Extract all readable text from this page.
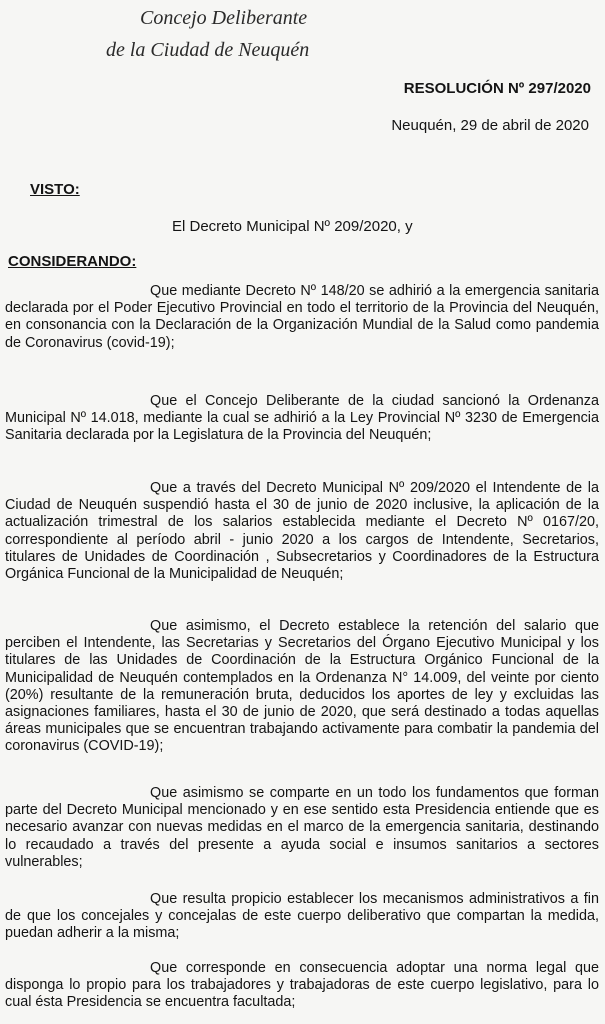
Concejo Deliberante
de la Ciudad de Neuquén
RESOLUCIÓN Nº 297/2020
Neuquén, 29 de abril de 2020
VISTO:
El Decreto Municipal Nº 209/2020, y
CONSIDERANDO:

Que mediante Decreto Nº 148/20 se adhirió a la emergencia sanitaria declarada por el Poder Ejecutivo Provincial en todo el territorio de la Provincia del Neuquén, en consonancia con la Declaración de la Organización Mundial de la Salud como pandemia de Coronavirus (covid-19);

Que el Concejo Deliberante de la ciudad sancionó la Ordenanza Municipal Nº 14.018, mediante la cual se adhirió a la Ley Provincial Nº 3230 de Emergencia Sanitaria declarada por la Legislatura de la Provincia del Neuquén;

Que a través del Decreto Municipal Nº 209/2020 el Intendente de la Ciudad de Neuquén suspendió hasta el 30 de junio de 2020 inclusive, la aplicación de la actualización trimestral de los salarios establecida mediante el Decreto Nº 0167/20, correspondiente al período abril - junio 2020 a los cargos de Intendente, Secretarios, titulares de Unidades de Coordinación , Subsecretarios y Coordinadores de la Estructura Orgánica Funcional de la Municipalidad de Neuquén;

Que asimismo, el Decreto establece la retención del salario que perciben el Intendente, las Secretarias y Secretarios del Órgano Ejecutivo Municipal y los titulares de las Unidades de Coordinación de la Estructura Orgánico Funcional de la Municipalidad de Neuquén contemplados en la Ordenanza N° 14.009, del veinte por ciento (20%) resultante de la remuneración bruta, deducidos los aportes de ley y excluidas las asignaciones familiares, hasta el 30 de junio de 2020, que será destinado a todas aquellas áreas municipales que se encuentran trabajando activamente para combatir la pandemia del coronavirus (COVID-19);

Que asimismo se comparte en un todo los fundamentos que forman parte del Decreto Municipal mencionado y en ese sentido esta Presidencia entiende que es necesario avanzar con nuevas medidas en el marco de la emergencia sanitaria, destinando lo recaudado a través del presente a ayuda social e insumos sanitarios a sectores vulnerables;

Que resulta propicio establecer los mecanismos administrativos a fin de que los concejales y concejalas de este cuerpo deliberativo que compartan la medida, puedan adherir a la misma;

Que corresponde en consecuencia adoptar una norma legal que disponga lo propio para los trabajadores y trabajadoras de este cuerpo legislativo, para lo cual ésta Presidencia se encuentra facultada;
